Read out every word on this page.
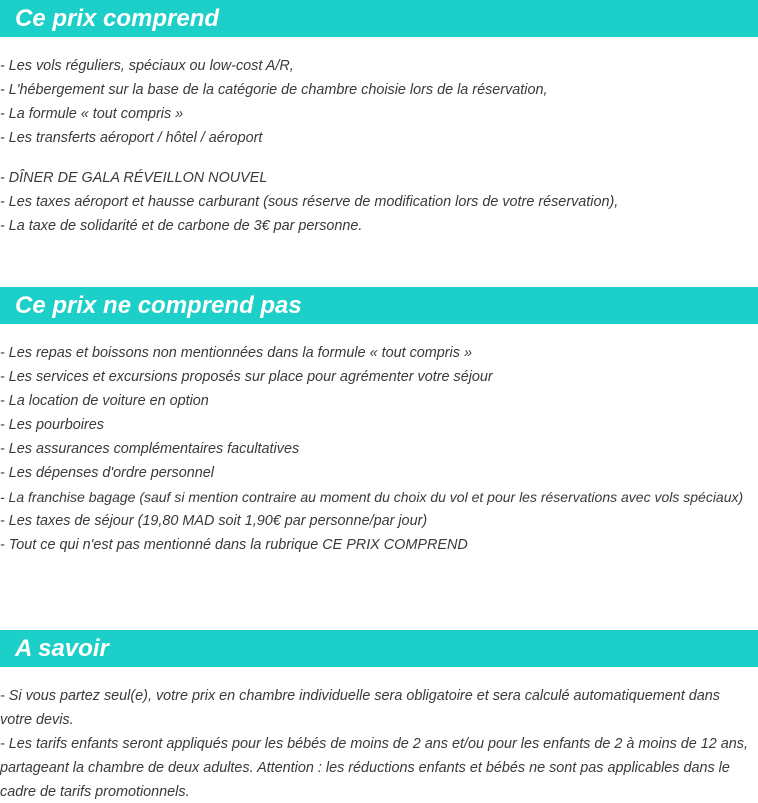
Ce prix comprend
- Les vols réguliers, spéciaux ou low-cost A/R,
- L'hébergement sur la base de la catégorie de chambre choisie lors de la réservation,
- La formule « tout compris »
- Les transferts aéroport / hôtel / aéroport
- DÎNER DE GALA RÉVEILLON NOUVEL
- Les taxes aéroport et hausse carburant (sous réserve de modification lors de votre réservation),
- La taxe de solidarité et de carbone de 3€ par personne.
Ce prix ne comprend pas
- Les repas et boissons non mentionnées dans la formule « tout compris »
- Les services et excursions proposés sur place pour agrémenter votre séjour
- La location de voiture en option
- Les pourboires
- Les assurances complémentaires facultatives
- Les dépenses d'ordre personnel
- La franchise bagage (sauf si mention contraire au moment du choix du vol et pour les réservations avec vols spéciaux)
- Les taxes de séjour (19,80 MAD soit 1,90€ par personne/par jour)
- Tout ce qui n'est pas mentionné dans la rubrique CE PRIX COMPREND
A savoir
- Si vous partez seul(e), votre prix en chambre individuelle sera obligatoire et sera calculé automatiquement dans votre devis.
- Les tarifs enfants seront appliqués pour les bébés de moins de 2 ans et/ou pour les enfants de 2 à moins de 12 ans, partageant la chambre de deux adultes. Attention : les réductions enfants et bébés ne sont pas applicables dans le cadre de tarifs promotionnels.
